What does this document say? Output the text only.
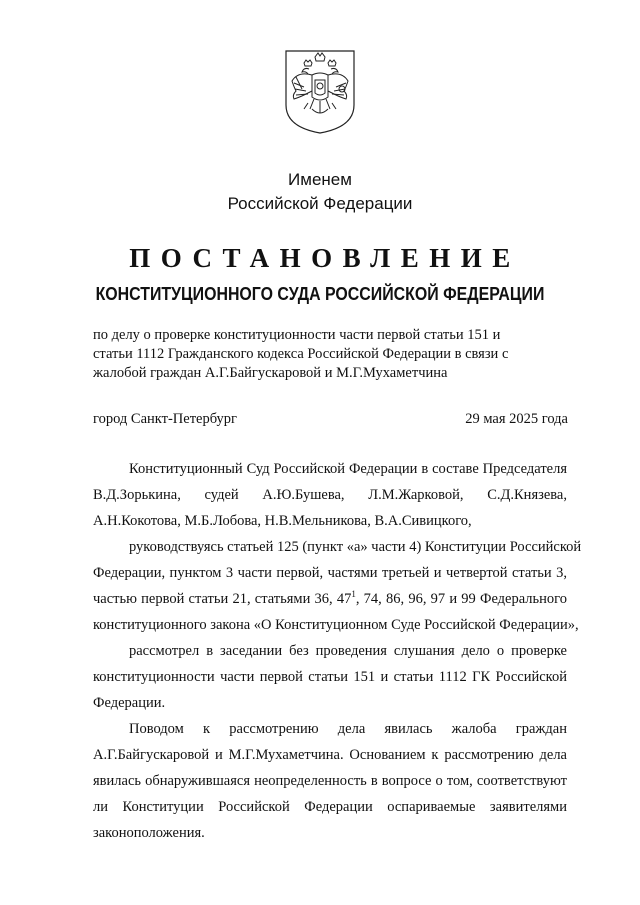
Именем
Российской Федерации
ПОСТАНОВЛЕНИЕ
КОНСТИТУЦИОННОГО СУДА РОССИЙСКОЙ ФЕДЕРАЦИИ
по делу о проверке конституционности части первой статьи 151 и
статьи 1112 Гражданского кодекса Российской Федерации в связи с
жалобой граждан А.Г.Байгускаровой и М.Г.Мухаметчина
город Санкт-Петербург	29 мая 2025 года
Конституционный Суд Российской Федерации в составе Председателя
В.Д.Зорькина, судей А.Ю.Бушева, Л.М.Жарковой, С.Д.Князева,
А.Н.Кокотова, М.Б.Лобова, Н.В.Мельникова, В.А.Сивицкого,
руководствуясь статьей 125 (пункт «а» части 4) Конституции Российской
Федерации, пунктом 3 части первой, частями третьей и четвертой статьи 3,
частью первой статьи 21, статьями 36, $47^1$, 74, 86, 96, 97 и 99 Федерального
конституционного закона «О Конституционном Суде Российской Федерации»,
рассмотрел в заседании без проведения слушания дело о проверке
конституционности части первой статьи 151 и статьи 1112 ГК Российской
Федерации.
Поводом к рассмотрению дела явилась жалоба граждан
А.Г.Байгускаровой и М.Г.Мухаметчина. Основанием к рассмотрению дела
явилась обнаружившаяся неопределенность в вопросе о том, соответствуют
ли Конституции Российской Федерации оспариваемые заявителями
законоположения.
